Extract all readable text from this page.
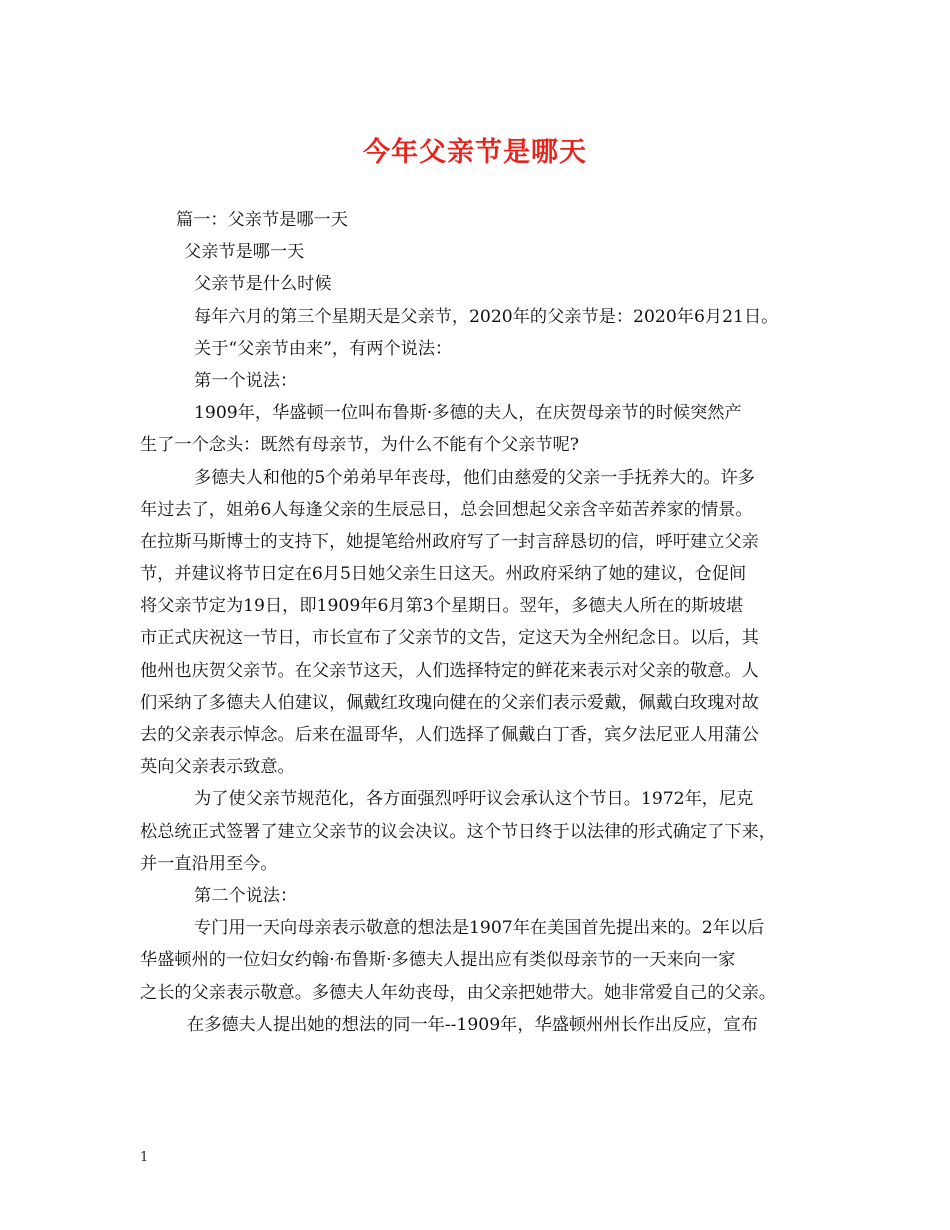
今年父亲节是哪天
篇一：父亲节是哪一天
父亲节是哪一天
父亲节是什么时候
每年六月的第三个星期天是父亲节，2020年的父亲节是：2020年6月21日。
关于“父亲节由来”，有两个说法：
第一个说法：
1909年，华盛顿一位叫布鲁斯·多德的夫人，在庆贺母亲节的时候突然产
生了一个念头：既然有母亲节，为什么不能有个父亲节呢?
多德夫人和他的5个弟弟早年丧母，他们由慈爱的父亲一手抚养大的。许多
年过去了，姐弟6人每逢父亲的生辰忌日，总会回想起父亲含辛茹苦养家的情景。
在拉斯马斯博士的支持下，她提笔给州政府写了一封言辞恳切的信，呼吁建立父亲
节，并建议将节日定在6月5日她父亲生日这天。州政府采纳了她的建议，仓促间
将父亲节定为19日，即1909年6月第3个星期日。翌年，多德夫人所在的斯坡堪
市正式庆祝这一节日，市长宣布了父亲节的文告，定这天为全州纪念日。以后，其
他州也庆贺父亲节。在父亲节这天，人们选择特定的鲜花来表示对父亲的敬意。人
们采纳了多德夫人伯建议，佩戴红玫瑰向健在的父亲们表示爱戴，佩戴白玫瑰对故
去的父亲表示悼念。后来在温哥华，人们选择了佩戴白丁香，宾夕法尼亚人用蒲公
英向父亲表示致意。
为了使父亲节规范化，各方面强烈呼吁议会承认这个节日。1972年，尼克
松总统正式签署了建立父亲节的议会决议。这个节日终于以法律的形式确定了下来，
并一直沿用至今。
第二个说法：
专门用一天向母亲表示敬意的想法是1907年在美国首先提出来的。2年以后
华盛顿州的一位妇女约翰·布鲁斯·多德夫人提出应有类似母亲节的一天来向一家
之长的父亲表示敬意。多德夫人年幼丧母，由父亲把她带大。她非常爱自己的父亲。
在多德夫人提出她的想法的同一年--1909年，华盛顿州州长作出反应，宣布
1
